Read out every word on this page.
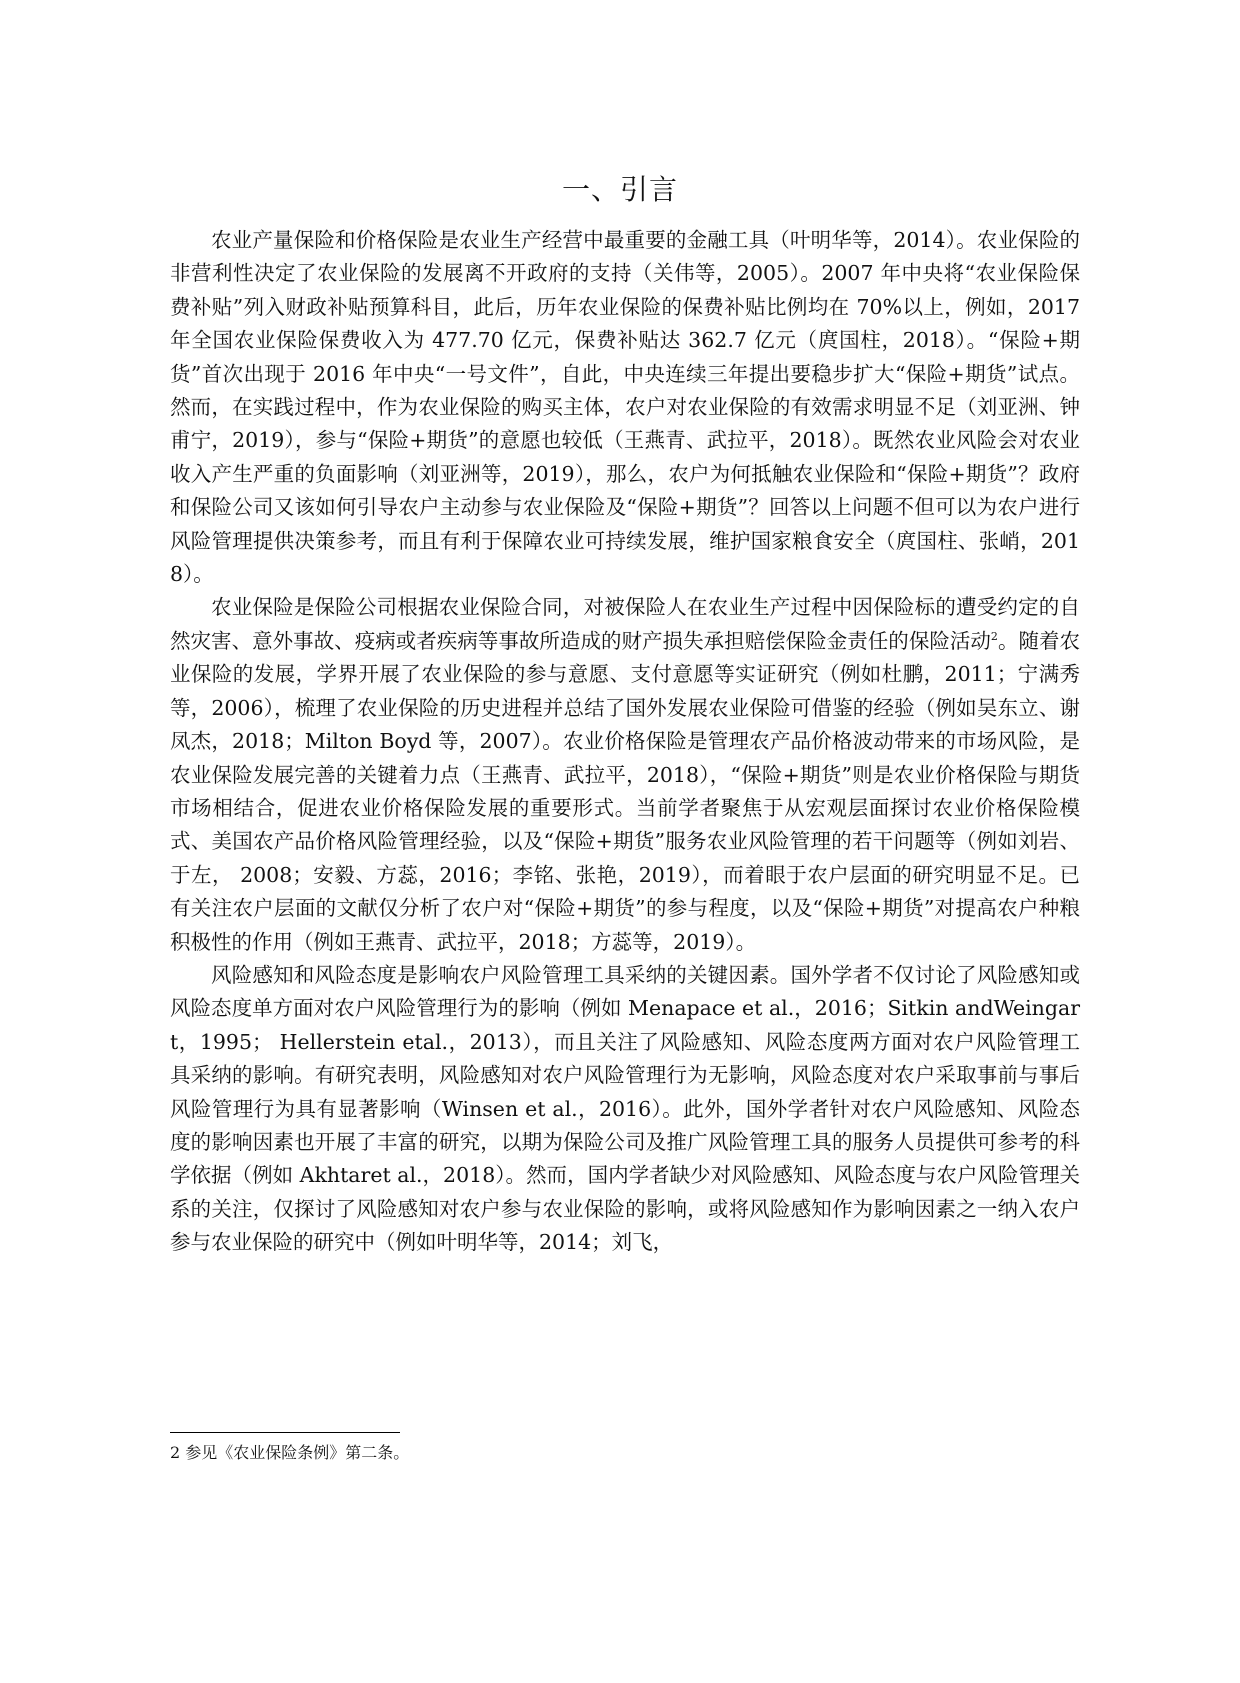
一、引言

农业产量保险和价格保险是农业生产经营中最重要的金融工具（叶明华等，2014）。农业保险的非营利性决定了农业保险的发展离不开政府的支持（关伟等，2005）。2007 年中央将“农业保险保费补贴”列入财政补贴预算科目，此后，历年农业保险的保费补贴比例均在 70%以上，例如，2017 年全国农业保险保费收入为 477.70 亿元，保费补贴达 362.7 亿元（庹国柱，2018）。“保险+期货”首次出现于 2016 年中央“一号文件”，自此，中央连续三年提出要稳步扩大“保险+期货”试点。然而，在实践过程中，作为农业保险的购买主体，农户对农业保险的有效需求明显不足（刘亚洲、钟甫宁，2019），参与“保险+期货”的意愿也较低（王燕青、武拉平，2018）。既然农业风险会对农业收入产生严重的负面影响（刘亚洲等，2019），那么，农户为何抵触农业保险和“保险+期货”？政府和保险公司又该如何引导农户主动参与农业保险及“保险+期货”？回答以上问题不但可以为农户进行风险管理提供决策参考，而且有利于保障农业可持续发展，维护国家粮食安全（庹国柱、张峭，2018）。

农业保险是保险公司根据农业保险合同，对被保险人在农业生产过程中因保险标的遭受约定的自然灾害、意外事故、疫病或者疾病等事故所造成的财产损失承担赔偿保险金责任的保险活动$^2$。随着农业保险的发展，学界开展了农业保险的参与意愿、支付意愿等实证研究（例如杜鹏，2011；宁满秀等，2006），梳理了农业保险的历史进程并总结了国外发展农业保险可借鉴的经验（例如吴东立、谢凤杰，2018；Milton Boyd 等，2007）。农业价格保险是管理农产品价格波动带来的市场风险，是农业保险发展完善的关键着力点（王燕青、武拉平，2018），“保险+期货”则是农业价格保险与期货市场相结合，促进农业价格保险发展的重要形式。当前学者聚焦于从宏观层面探讨农业价格保险模式、美国农产品价格风险管理经验，以及“保险+期货”服务农业风险管理的若干问题等（例如刘岩、于左， 2008；安毅、方蕊，2016；李铭、张艳，2019），而着眼于农户层面的研究明显不足。已有关注农户层面的文献仅分析了农户对“保险+期货”的参与程度，以及“保险+期货”对提高农户种粮积极性的作用（例如王燕青、武拉平，2018；方蕊等，2019）。

风险感知和风险态度是影响农户风险管理工具采纳的关键因素。国外学者不仅讨论了风险感知或风险态度单方面对农户风险管理行为的影响（例如 Menapace et al.，2016；Sitkin andWeingart，1995； Hellerstein etal.，2013），而且关注了风险感知、风险态度两方面对农户风险管理工具采纳的影响。有研究表明，风险感知对农户风险管理行为无影响，风险态度对农户采取事前与事后风险管理行为具有显著影响（Winsen et al.，2016）。此外，国外学者针对农户风险感知、风险态度的影响因素也开展了丰富的研究，以期为保险公司及推广风险管理工具的服务人员提供可参考的科学依据（例如 Akhtaret al.，2018）。然而，国内学者缺少对风险感知、风险态度与农户风险管理关系的关注，仅探讨了风险感知对农户参与农业保险的影响，或将风险感知作为影响因素之一纳入农户参与农业保险的研究中（例如叶明华等，2014；刘飞，

2 参见《农业保险条例》第二条。
